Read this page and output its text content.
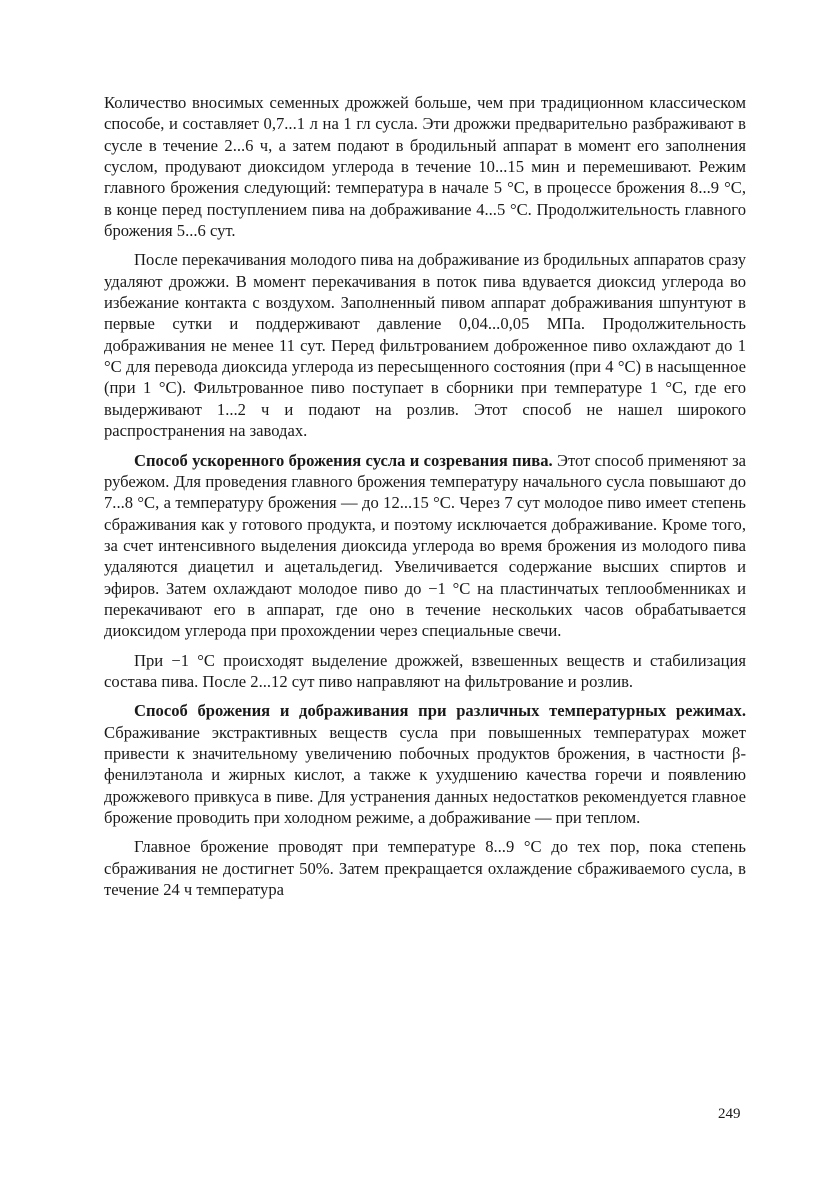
Количество вносимых семенных дрожжей больше, чем при традиционном классическом способе, и составляет 0,7...1 л на 1 гл сусла. Эти дрожжи предварительно разбраживают в сусле в течение 2...6 ч, а затем подают в бродильный аппарат в момент его заполнения суслом, продувают диоксидом углерода в течение 10...15 мин и перемешивают. Режим главного брожения следующий: температура в начале 5 °С, в процессе брожения 8...9 °С, в конце перед поступлением пива на дображивание 4...5 °С. Продолжительность главного брожения 5...6 сут.

После перекачивания молодого пива на дображивание из бродильных аппаратов сразу удаляют дрожжи. В момент перекачивания в поток пива вдувается диоксид углерода во избежание контакта с воздухом. Заполненный пивом аппарат дображивания шпунтуют в первые сутки и поддерживают давление 0,04...0,05 МПа. Продолжительность дображивания не менее 11 сут. Перед фильтрованием доброженное пиво охлаждают до 1 °С для перевода диоксида углерода из пересыщенного состояния (при 4 °С) в насыщенное (при 1 °С). Фильтрованное пиво поступает в сборники при температуре 1 °С, где его выдерживают 1...2 ч и подают на розлив. Этот способ не нашел широкого распространения на заводах.

Способ ускоренного брожения сусла и созревания пива. Этот способ применяют за рубежом. Для проведения главного брожения температуру начального сусла повышают до 7...8 °С, а температуру брожения — до 12...15 °С. Через 7 сут молодое пиво имеет степень сбраживания как у готового продукта, и поэтому исключается дображивание. Кроме того, за счет интенсивного выделения диоксида углерода во время брожения из молодого пива удаляются диацетил и ацетальдегид. Увеличивается содержание высших спиртов и эфиров. Затем охлаждают молодое пиво до −1 °С на пластинчатых теплообменниках и перекачивают его в аппарат, где оно в течение нескольких часов обрабатывается диоксидом углерода при прохождении через специальные свечи.

При −1 °С происходят выделение дрожжей, взвешенных веществ и стабилизация состава пива. После 2...12 сут пиво направляют на фильтрование и розлив.

Способ брожения и дображивания при различных температурных режимах. Сбраживание экстрактивных веществ сусла при повышенных температурах может привести к значительному увеличению побочных продуктов брожения, в частности β-фенилэтанола и жирных кислот, а также к ухудшению качества горечи и появлению дрожжевого привкуса в пиве. Для устранения данных недостатков рекомендуется главное брожение проводить при холодном режиме, а дображивание — при теплом.

Главное брожение проводят при температуре 8...9 °С до тех пор, пока степень сбраживания не достигнет 50%. Затем прекращается охлаждение сбраживаемого сусла, в течение 24 ч температура

249
